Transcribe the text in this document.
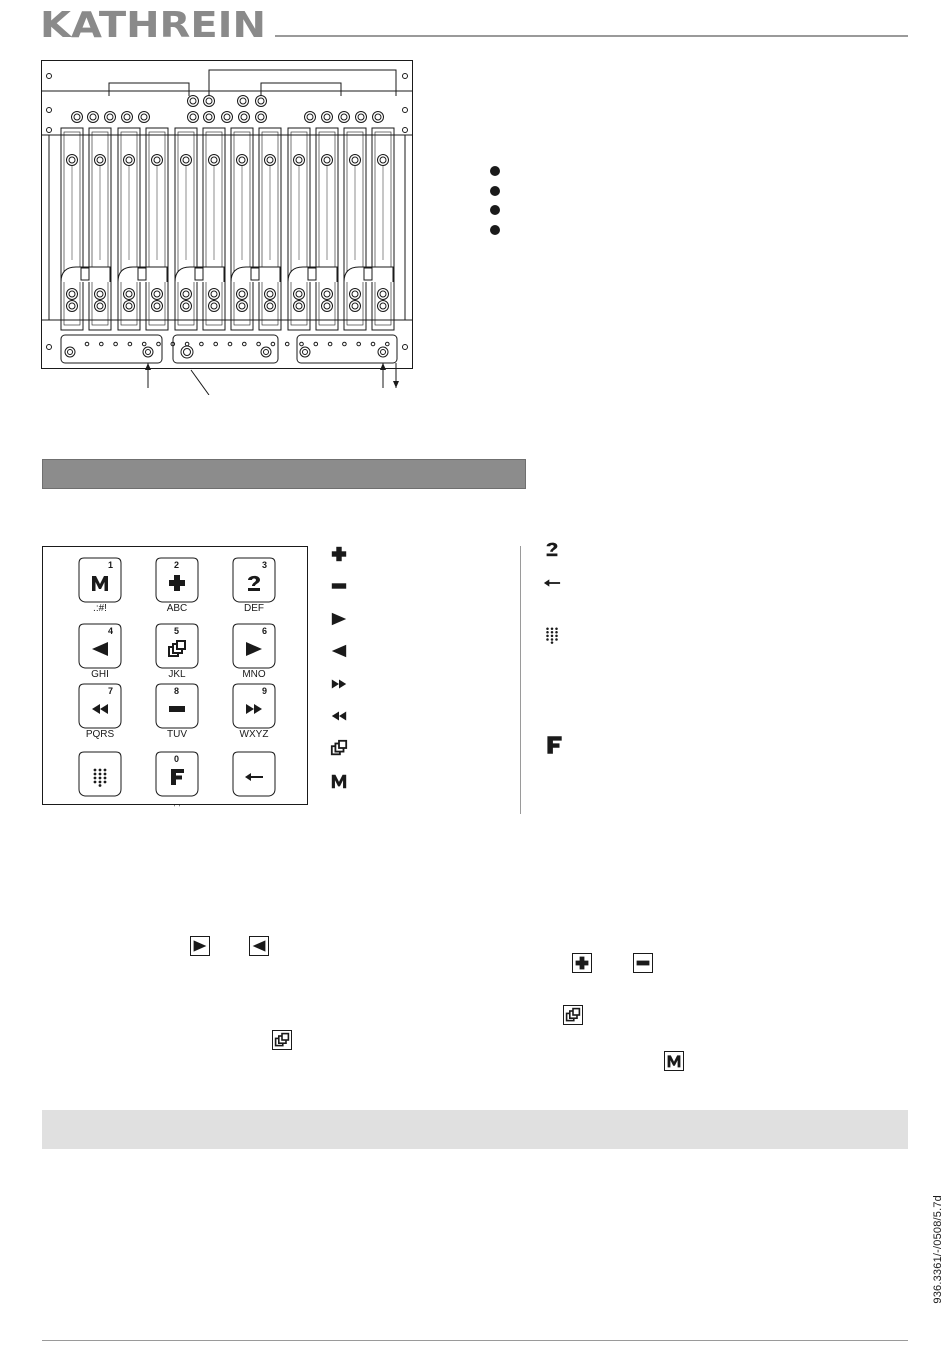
KATHREIN
1
.:#!
2
ABC
3
DEF
4
GHI
5
JKL
6
MNO
7
PQRS
8
TUV
9
WXYZ
0
‚ ‚
936.3361/-/0508/5.7d
